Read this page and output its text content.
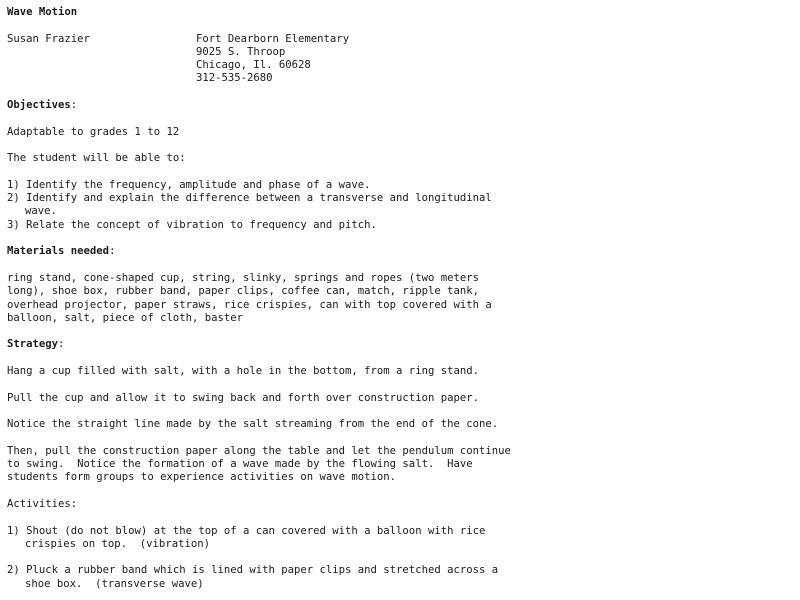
Wave Motion
Susan Frazier	Fort Dearborn Elementary
9025 S. Throop
Chicago, Il. 60628
312-535-2680
Objectives:
Adaptable to grades 1 to 12
The student will be able to:
1) Identify the frequency, amplitude and phase of a wave.
2) Identify and explain the difference between a transverse and longitudinal
wave.
3) Relate the concept of vibration to frequency and pitch.
Materials needed:
ring stand, cone-shaped cup, string, slinky, springs and ropes (two meters
long), shoe box, rubber band, paper clips, coffee can, match, ripple tank,
overhead projector, paper straws, rice crispies, can with top covered with a
balloon, salt, piece of cloth, baster
Strategy:
Hang a cup filled with salt, with a hole in the bottom, from a ring stand.
Pull the cup and allow it to swing back and forth over construction paper.
Notice the straight line made by the salt streaming from the end of the cone.
Then, pull the construction paper along the table and let the pendulum continue
to swing.  Notice the formation of a wave made by the flowing salt.  Have
students form groups to experience activities on wave motion.
Activities:
1) Shout (do not blow) at the top of a can covered with a balloon with rice
crispies on top.  (vibration)
2) Pluck a rubber band which is lined with paper clips and stretched across a
shoe box.  (transverse wave)
